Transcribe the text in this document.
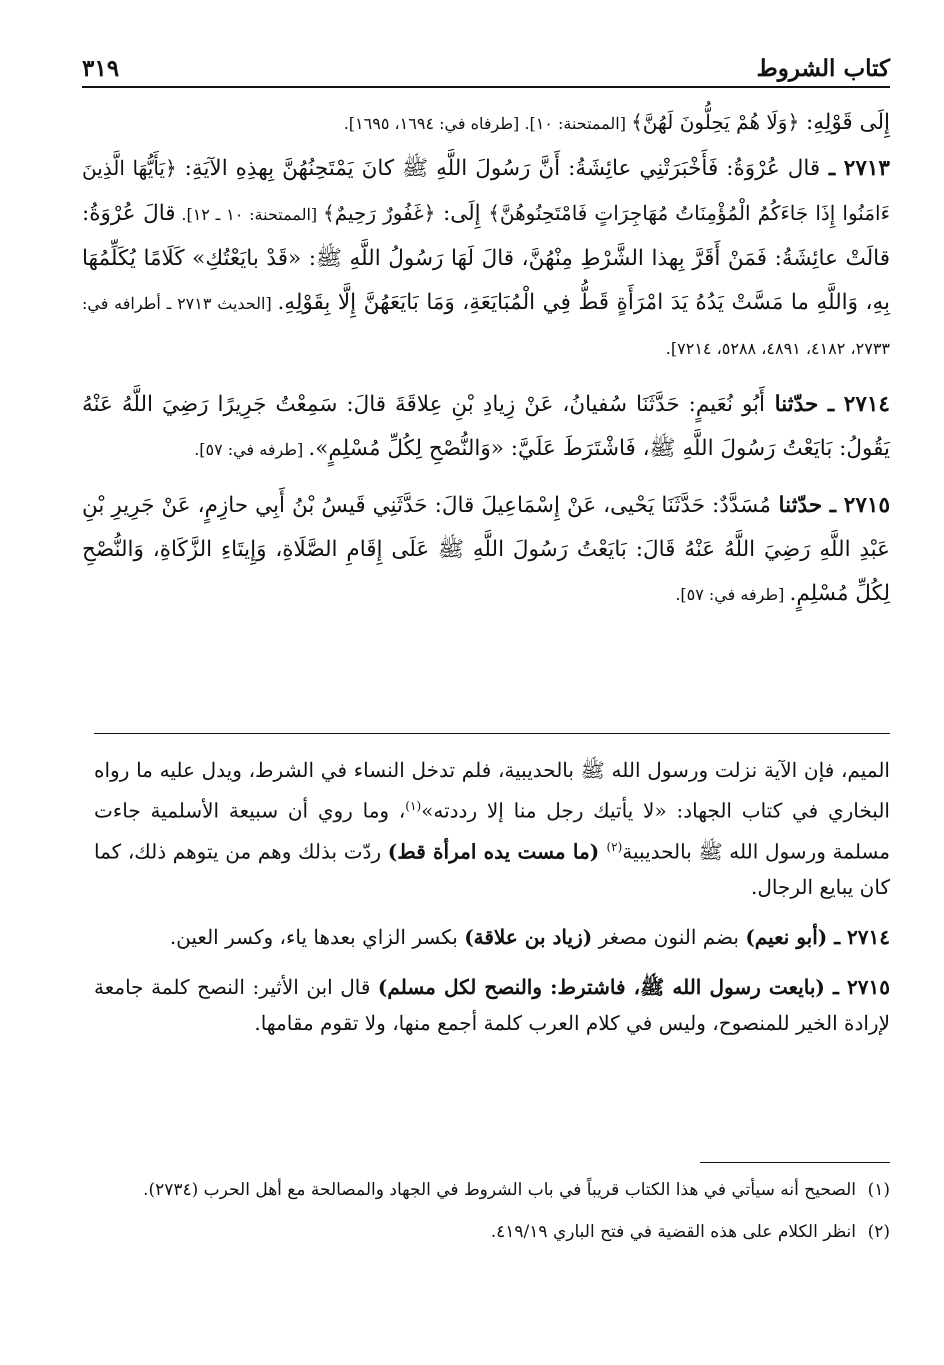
٣١٩	كتاب الشروط

إِلَى قَوْلِهِ: ﴿وَلَا هُمْ يَحِلُّونَ لَهُنَّ﴾ [الممتحنة: ١٠]. [طرفاه في: ١٦٩٤، ١٦٩٥].

٢٧١٣ ـ قال عُرْوَةُ: فَأَخْبَرَتْنِي عائِشَةُ: أَنَّ رَسُولَ اللَّهِ ﷺ كانَ يَمْتَحِنُهُنَّ بِهذِهِ الآيَةِ: ﴿يَأَيُّهَا الَّذِينَ ءَامَنُوا إِذَا جَاءَكُمُ الْمُؤْمِنَاتُ مُهَاجِرَاتٍ فَامْتَحِنُوهُنَّ﴾ إِلَى: ﴿غَفُورٌ رَحِيمٌ﴾ [الممتحنة: ١٠ ـ ١٢]. قالَ عُرْوَةُ: قالَتْ عائِشَةُ: فَمَنْ أَقَرَّ بِهذا الشَّرْطِ مِنْهُنَّ، قالَ لَهَا رَسُولُ اللَّهِ ﷺ: «قَدْ بايَعْتُكِ» كَلَامًا يُكَلِّمُهَا بِهِ، وَاللَّهِ ما مَسَّتْ يَدُهُ يَدَ امْرَأَةٍ قَطُّ فِي الْمُبَايَعَةِ، وَمَا بَايَعَهُنَّ إِلَّا بِقَوْلِهِ. [الحديث ٢٧١٣ ـ أطرافه في: ٢٧٣٣، ٤١٨٢، ٤٨٩١، ٥٢٨٨، ٧٢١٤].

٢٧١٤ ـ حدّثنا أَبُو نُعَيمٍ: حَدَّثَنَا سُفيانُ، عَنْ زِيادِ بْنِ عِلاقَةَ قالَ: سَمِعْتُ جَرِيرًا رَضِيَ اللَّهُ عَنْهُ يَقُولُ: بَايَعْتُ رَسُولَ اللَّهِ ﷺ، فَاشْتَرَطَ عَلَيَّ: «وَالنُّصْحِ لِكُلِّ مُسْلِمٍ». [طرفه في: ٥٧].

٢٧١٥ ـ حدّثنا مُسَدَّدٌ: حَدَّثَنَا يَحْيى، عَنْ إِسْمَاعِيلَ قالَ: حَدَّثَنِي قَيسُ بْنُ أَبِي حازِمٍ، عَنْ جَرِيرِ بْنِ عَبْدِ اللَّهِ رَضِيَ اللَّهُ عَنْهُ قَالَ: بَايَعْتُ رَسُولَ اللَّهِ ﷺ عَلَى إِقَامِ الصَّلَاةِ، وَإِيتَاءِ الزَّكَاةِ، وَالنُّصْحِ لِكُلِّ مُسْلِمٍ. [طرفه في: ٥٧].

الميم، فإن الآية نزلت ورسول الله ﷺ بالحديبية، فلم تدخل النساء في الشرط، ويدل عليه ما رواه البخاري في كتاب الجهاد: «لا يأتيك رجل منا إلا رددته»$^{(١)}$، وما روي أن سبيعة الأسلمية جاءت مسلمة ورسول الله ﷺ بالحديبية$^{(٢)}$ (ما مست يده امرأة قط) ردّت بذلك وهم من يتوهم ذلك، كما كان يبايع الرجال.

٢٧١٤ ـ (أبو نعيم) بضم النون مصغر (زياد بن علاقة) بكسر الزاي بعدها ياء، وكسر العين.

٢٧١٥ ـ (بايعت رسول الله ﷺ، فاشترط: والنصح لكل مسلم) قال ابن الأثير: النصح كلمة جامعة لإرادة الخير للمنصوح، وليس في كلام العرب كلمة أجمع منها، ولا تقوم مقامها.

(١)الصحيح أنه سيأتي في هذا الكتاب قريباً في باب الشروط في الجهاد والمصالحة مع أهل الحرب (٢٧٣٤).

(٢)انظر الكلام على هذه القضية في فتح الباري ٤١٩/١٩.
